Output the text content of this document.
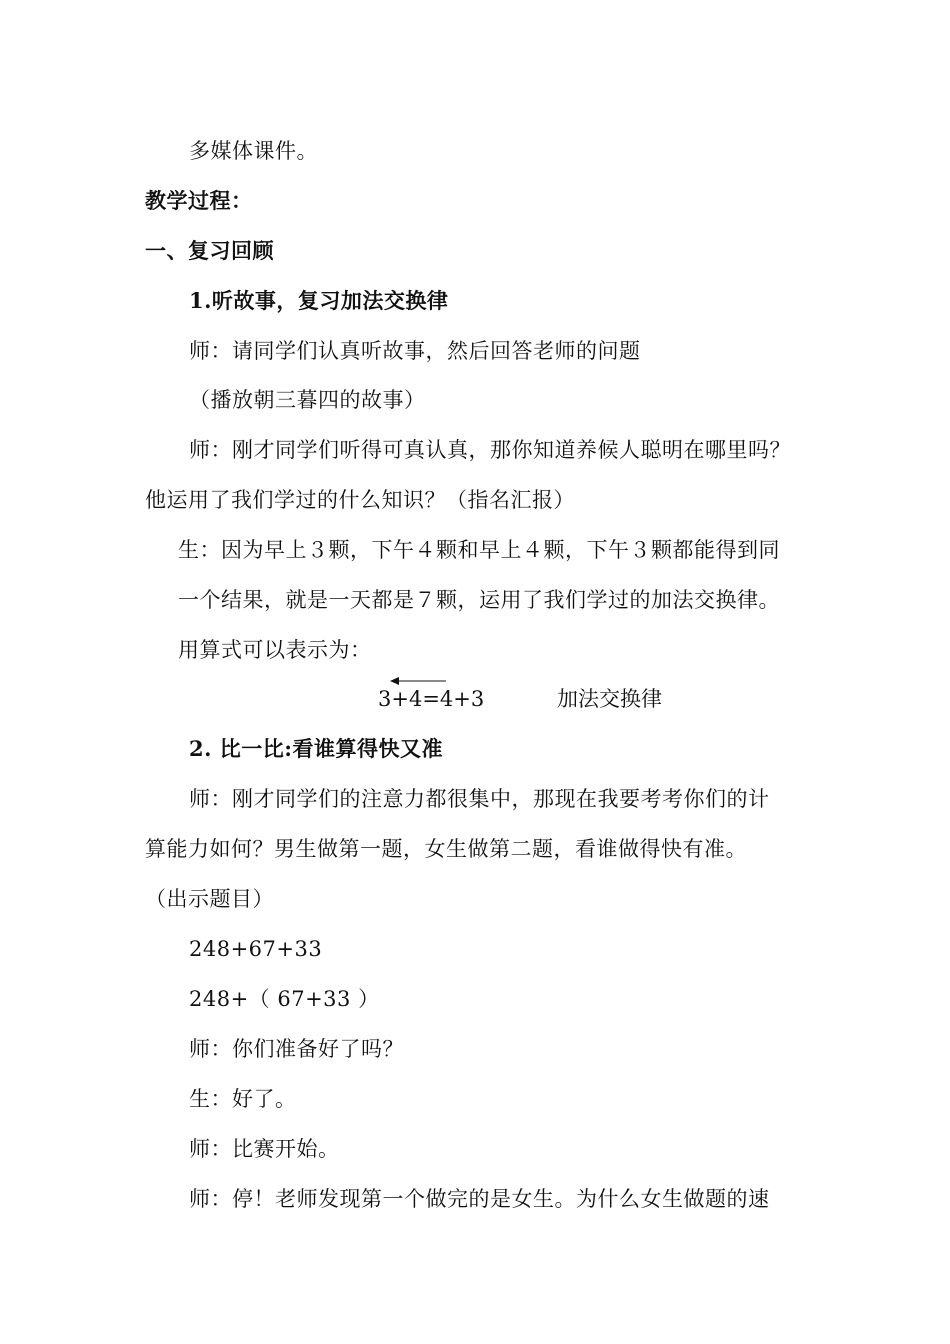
多媒体课件。
教学过程：
一、复习回顾
1.听故事，复习加法交换律
师：请同学们认真听故事，然后回答老师的问题
（播放朝三暮四的故事）
师：刚才同学们听得可真认真，那你知道养候人聪明在哪里吗？
他运用了我们学过的什么知识？（指名汇报）
生：因为早上３颗，下午４颗和早上４颗，下午３颗都能得到同
一个结果，就是一天都是７颗，运用了我们学过的加法交换律。
用算式可以表示为：
3+4=4+3	加法交换律
2. 比一比:看谁算得快又准
师：刚才同学们的注意力都很集中，那现在我要考考你们的计
算能力如何？男生做第一题，女生做第二题，看谁做得快有准。
（出示题目）
248+67+33
248+（ 67+33 ）
师：你们准备好了吗？
生：好了。
师：比赛开始。
师：停！老师发现第一个做完的是女生。为什么女生做题的速
